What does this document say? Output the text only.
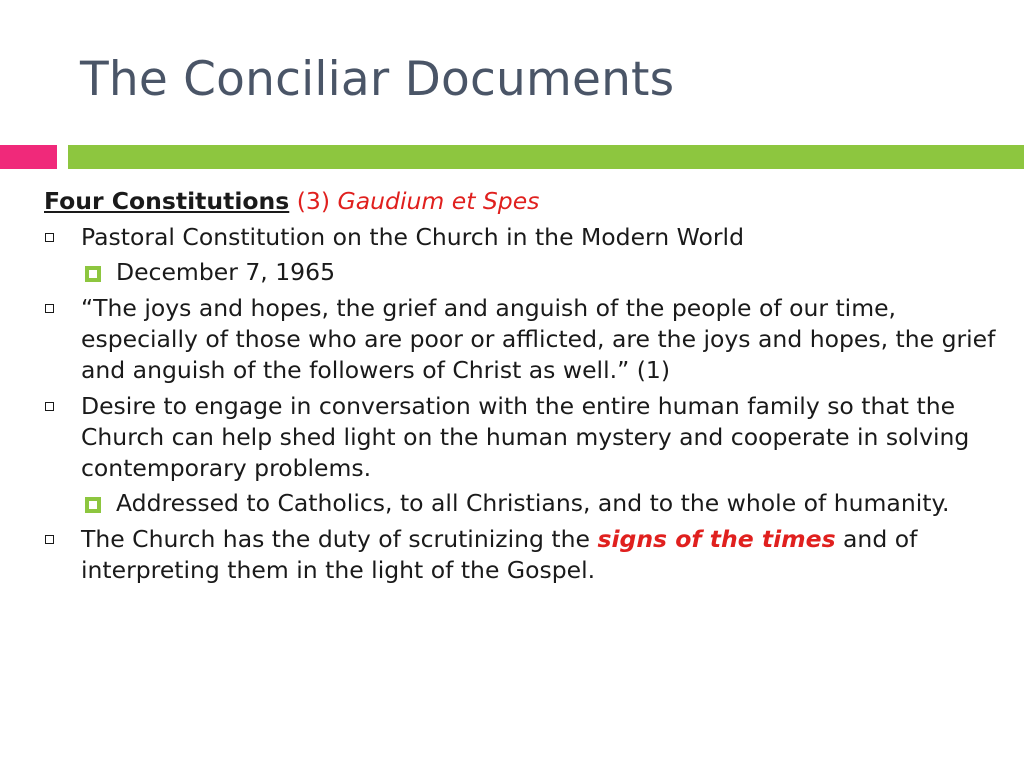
The Conciliar Documents
Four Constitutions (3) Gaudium et Spes
Pastoral Constitution on the Church in the Modern World
December 7, 1965
“The joys and hopes, the grief and anguish of the people of our time, especially of those who are poor or afflicted, are the joys and hopes, the grief and anguish of the followers of Christ as well.” (1)
Desire to engage in conversation with the entire human family so that the Church can help shed light on the human mystery and cooperate in solving contemporary problems.
Addressed to Catholics, to all Christians, and to the whole of humanity.
The Church has the duty of scrutinizing the signs of the times and of interpreting them in the light of the Gospel.
